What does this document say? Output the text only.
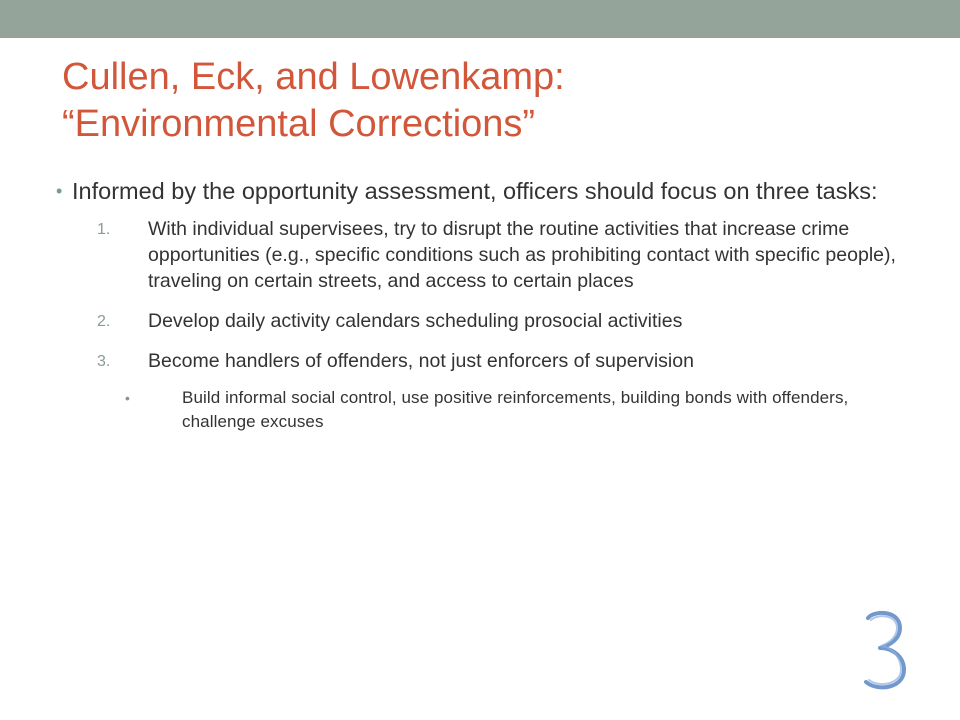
Cullen, Eck, and Lowenkamp:
“Environmental Corrections”

• Informed by the opportunity assessment, officers should focus on three tasks:

1. With individual supervisees, try to disrupt the routine activities that increase crime opportunities (e.g., specific conditions such as prohibiting contact with specific people), traveling on certain streets, and access to certain places
2. Develop daily activity calendars scheduling prosocial activities
3. Become handlers of offenders, not just enforcers of supervision
•	Build informal social control, use positive reinforcements, building bonds with offenders, challenge excuses
